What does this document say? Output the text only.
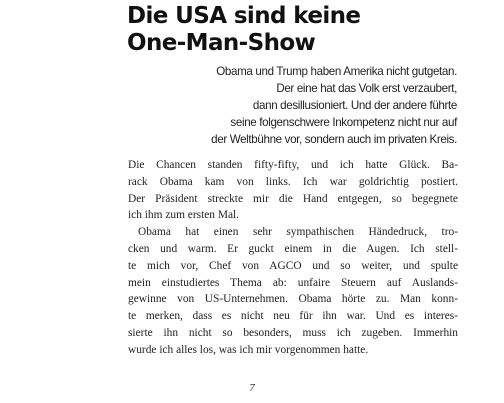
Die USA sind keine
One-Man-Show
Obama und Trump haben Amerika nicht gutgetan.
Der eine hat das Volk erst verzaubert,
dann desillusioniert. Und der andere führte
seine folgenschwere Inkompetenz nicht nur auf
der Weltbühne vor, sondern auch im privaten Kreis.
Die Chancen standen fifty-fifty, und ich hatte Glück. Ba-
rack Obama kam von links. Ich war goldrichtig postiert.
Der Präsident streckte mir die Hand entgegen, so begegnete
ich ihm zum ersten Mal.
Obama hat einen sehr sympathischen Händedruck, tro-
cken und warm. Er guckt einem in die Augen. Ich stell-
te mich vor, Chef von AGCO und so weiter, und spulte
mein einstudiertes Thema ab: unfaire Steuern auf Auslands-
gewinne von US-Unternehmen. Obama hörte zu. Man konn-
te merken, dass es nicht neu für ihn war. Und es interes-
sierte ihn nicht so besonders, muss ich zugeben. Immerhin
wurde ich alles los, was ich mir vorgenommen hatte.
7
